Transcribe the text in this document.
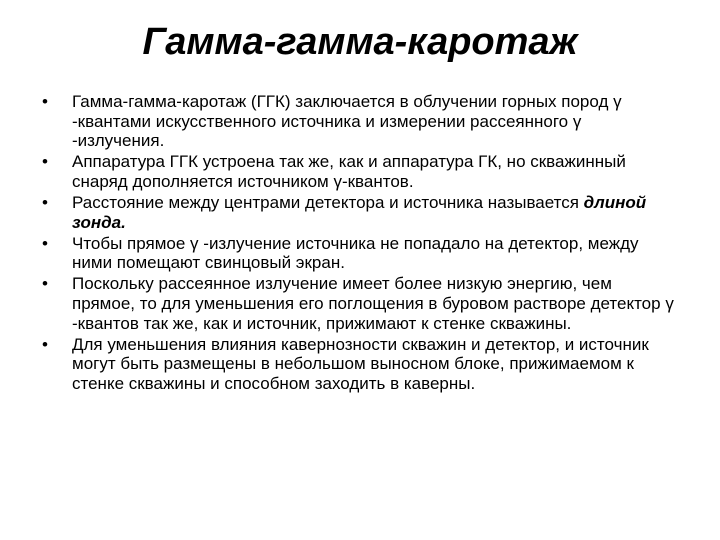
Гамма-гамма-каротаж
• Гамма-гамма-каротаж (ГГК) заключается в облучении горных пород γ -квантами искусственного источника и измерении рассеянного γ -излучения.
• Аппаратура ГГК устроена так же, как и аппаратура ГК, но скважинный снаряд дополняется источником γ-квантов.
• Расстояние между центрами детектора и источника называется длиной зонда.
• Чтобы прямое γ -излучение источника не попадало на детектор, между ними помещают свинцовый экран.
• Поскольку рассеянное излучение имеет более низкую энергию, чем прямое, то для уменьшения его поглощения в буровом растворе детектор γ -квантов так же, как и источник, прижимают к стенке скважины.
• Для уменьшения влияния кавернозности скважин и детектор, и источник могут быть размещены в небольшом выносном блоке, прижимаемом к стенке скважины и способном заходить в каверны.
